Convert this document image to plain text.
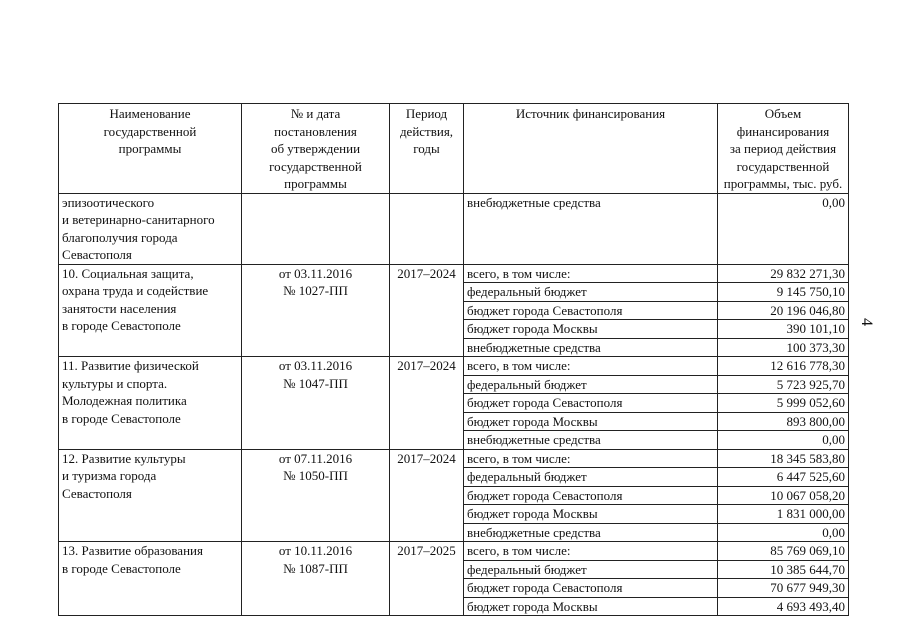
Наименование
государственной
программы	№ и дата
постановления
об утверждении
государственной
программы	Период
действия,
годы	Источник финансирования	Объем
финансирования
за период действия
государственной
программы, тыс. руб.
эпизоотического
и ветеринарно-санитарного
благополучия города
Севастополя			внебюджетные средства	0,00
10. Социальная защита,
охрана труда и содействие
занятости населения
в городе Севастополе	от 03.11.2016
№ 1027-ПП	2017–2024	всего, в том числе:	29 832 271,30
			федеральный бюджет	9 145 750,10
			бюджет города Севастополя	20 196 046,80
			бюджет города Москвы	390 101,10
			внебюджетные средства	100 373,30
11. Развитие физической
культуры и спорта.
Молодежная политика
в городе Севастополе	от 03.11.2016
№ 1047-ПП	2017–2024	всего, в том числе:	12 616 778,30
			федеральный бюджет	5 723 925,70
			бюджет города Севастополя	5 999 052,60
			бюджет города Москвы	893 800,00
			внебюджетные средства	0,00
12. Развитие культуры
и туризма города
Севастополя	от 07.11.2016
№ 1050-ПП	2017–2024	всего, в том числе:	18 345 583,80
			федеральный бюджет	6 447 525,60
			бюджет города Севастополя	10 067 058,20
			бюджет города Москвы	1 831 000,00
			внебюджетные средства	0,00
13. Развитие образования
в городе Севастополе	от 10.11.2016
№ 1087-ПП	2017–2025	всего, в том числе:	85 769 069,10
			федеральный бюджет	10 385 644,70
			бюджет города Севастополя	70 677 949,30
			бюджет города Москвы	4 693 493,40
4
